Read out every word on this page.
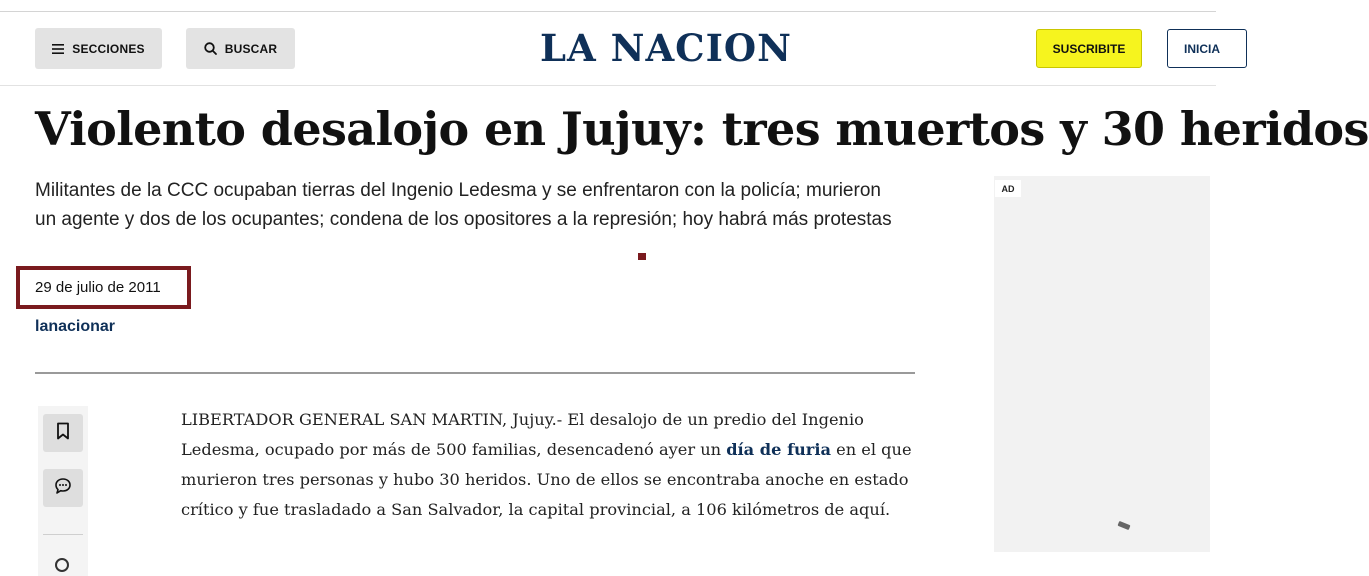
SECCIONES	BUSCAR	LA NACION	SUSCRIBITE	INICIA
Violento desalojo en Jujuy: tres muertos y 30 heridos

Militantes de la CCC ocupaban tierras del Ingenio Ledesma y se enfrentaron con la policía; murieron un agente y dos de los ocupantes; condena de los opositores a la represión; hoy habrá más protestas

29 de julio de 2011
lanacionar

LIBERTADOR GENERAL SAN MARTIN, Jujuy.- El desalojo de un predio del Ingenio Ledesma, ocupado por más de 500 familias, desencadenó ayer un día de furia en el que murieron tres personas y hubo 30 heridos. Uno de ellos se encontraba anoche en estado crítico y fue trasladado a San Salvador, la capital provincial, a 106 kilómetros de aquí.

AD
